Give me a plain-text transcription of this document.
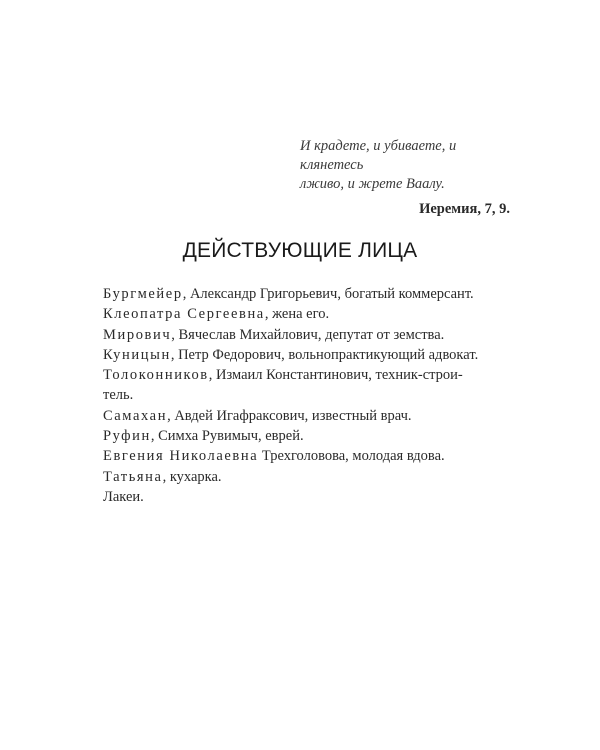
И крадете, и убиваете, и клянетесь
лживо, и жрете Ваалу.
Иеремия, 7, 9.
ДЕЙСТВУЮЩИЕ ЛИЦА
Бургмейер, Александр Григорьевич, богатый коммерсант.
Клеопатра Сергеевна, жена его.
Мирович, Вячеслав Михайлович, депутат от земства.
Куницын, Петр Федорович, вольнопрактикующий адвокат.
Толоконников, Измаил Константинович, техник-строи-
тель.
Самахан, Авдей Игафраксович, известный врач.
Руфин, Симха Рувимыч, еврей.
Евгения Николаевна Трехголовова, молодая вдова.
Татьяна, кухарка.
Лакеи.
